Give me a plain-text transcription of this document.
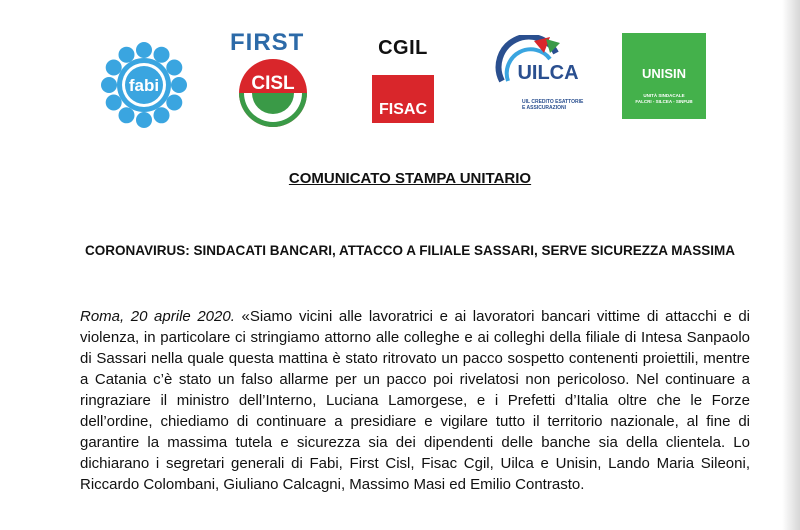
fabi
FIRST
CISL
CGIL
FISAC
UILCA
UIL CREDITO ESATTORIE
E ASSICURAZIONI
UNISIN
UNITÀ SINDACALE
FALCRI - SILCEA - SINFUB
COMUNICATO STAMPA UNITARIO
CORONAVIRUS: SINDACATI BANCARI, ATTACCO A FILIALE SASSARI, SERVE SICUREZZA MASSIMA
Roma, 20 aprile 2020. «Siamo vicini alle lavoratrici e ai lavoratori bancari vittime di attacchi e di violenza, in particolare ci stringiamo attorno alle colleghe e ai colleghi della filiale di Intesa Sanpaolo di Sassari nella quale questa mattina è stato ritrovato un pacco sospetto contenenti proiettili, mentre a Catania c’è stato un falso allarme per un pacco poi rivelatosi non pericoloso. Nel continuare a ringraziare il ministro dell’Interno, Luciana Lamorgese, e i Prefetti d’Italia oltre che le Forze dell’ordine, chiediamo di continuare a presidiare e vigilare tutto il territorio nazionale, al fine di garantire la massima tutela e sicurezza sia dei dipendenti delle banche sia della clientela. Lo dichiarano i segretari generali di Fabi, First Cisl, Fisac Cgil, Uilca e Unisin, Lando Maria Sileoni, Riccardo Colombani, Giuliano Calcagni, Massimo Masi ed Emilio Contrasto.
